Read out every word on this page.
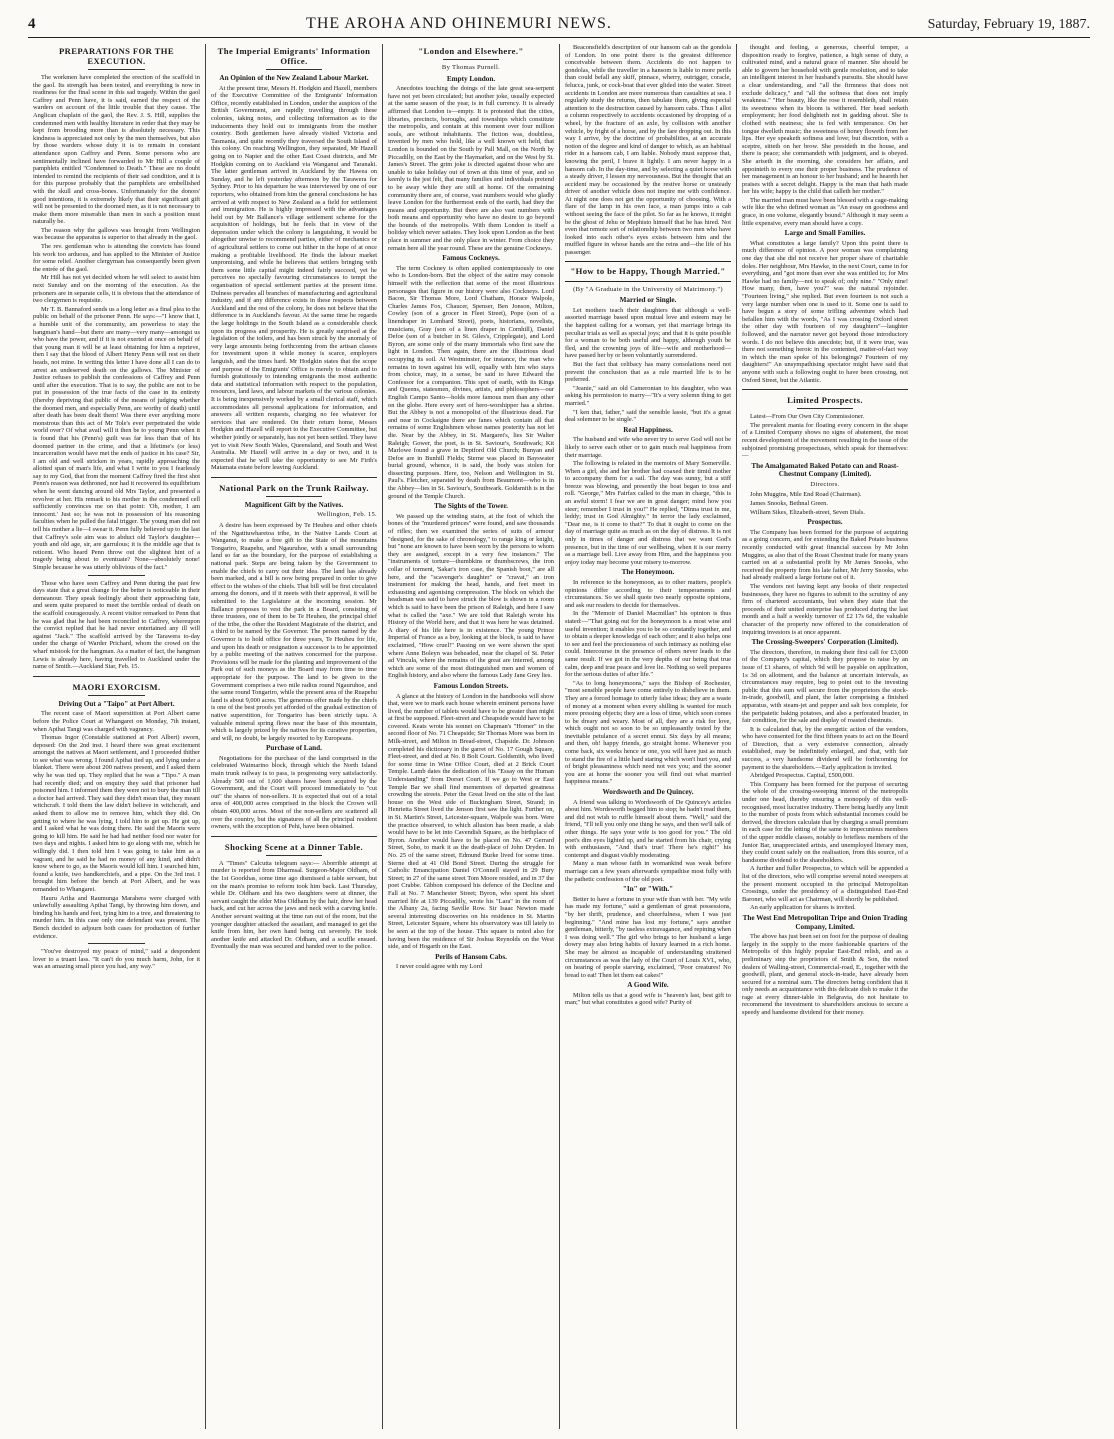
4	THE AROHA AND OHINEMURI NEWS.	Saturday, February 19, 1887.
PREPARATIONS FOR THE EXECUTION.

The workmen have completed the erection of the scaffold in the gaol. Its strength has been tested, and everything is now in readiness for the final scene in this sad tragedy. Within the gaol Caffrey and Penn have, it is said, earned the respect of the warders on account of the little trouble that they cause. The Anglican chaplain of the gaol, the Rev. J. S. Hill, supplies the condemned men with healthy literature in order that they may be kept from brooding more than is absolutely necessary. This kindness is appreciated not only by the men themselves, but also by those warders whose duty it is to remain in constant attendance upon Caffrey and Penn. Some persons who are sentimentally inclined have forwarded to Mr Hill a couple of pamphlets entitled "Condemned to Death." These are no doubt intended to remind the recipients of their sad condition, and it is for this purpose probably that the pamphlets are embellished with the skull and cross-bones. Unfortunately for the donors' good intentions, it is extremely likely that their significant gift will not be presented to the doomed men, as it is not necessary to make them more miserable than men in such a position must naturally be.

The reason why the gallows was brought from Wellington was because the apparatus is superior to that already in the gaol.

The rev. gentleman who is attending the convicts has found his work too arduous, and has applied to the Minister of Justice for some relief. Another clergyman has consequently been given the entrée of the gaol.

Mr Hill has not yet decided whom he will select to assist him next Sunday and on the morning of the execution. As the prisoners are in separate cells, it is obvious that the attendance of two clergymen is requisite.

Mr T. B. Bannaford sends us a long letter as a final plea to the public on behalf of the prisoner Penn. He says:—"I know that I, a humble unit of the community, am powerless to stay the hangman's hand—but there are many—very many—amongst us who have the power, and if it is not exerted at once on behalf of that young man it will be at least obtaining for him a reprieve, then I say that the blood of Albert Henry Penn will rest on their heads, not mine. In writing this letter I have done all I can do to arrest an undeserved death on the gallows. The Minister of Justice refuses to publish the confessions of Caffrey and Penn until after the execution. That is to say, the public are not to be put in possession of the true facts of the case in its entirety (thereby depriving that public of the means of judging whether the doomed men, and especially Penn, are worthy of death) until after death has been dealt them! Was there ever anything more monstrous than this act of Mr Tole's ever perpetrated the wide world over? Of what avail will it then be to young Penn when it is found that his (Penn's) guilt was far less than that of his doomed partner in the crime, and that a lifetime's (or less) incarceration would have met the ends of justice in his case? Sir, I am old and well stricken in years, rapidly approaching the allotted span of man's life, and what I write to you I fearlessly say to my God, that from the moment Caffrey fired the first shot Penn's reason was dethroned, nor had it recovered its equilibrium when he went dancing around old Mrs Taylor, and presented a revolver at her. His remark to his mother in the condemned cell sufficiently convinces me on that point: 'Oh, mother, I am innocent.' Just so; he was not in possession of his reasoning faculties when he pulled the fatal trigger. The young man did not tell his mother a lie—I swear it. Penn fully believed up to the last that Caffrey's sole aim was to abduct old Taylor's daughter—youth and old age, sir, are garrulous; it is the middle age that is reticent. Who heard Penn throw out the slightest hint of a tragedy being about to eventuate? None—absolutely none! Simple because he was utterly oblivious of the fact."

Those who have seen Caffrey and Penn during the past few days state that a great change for the better is noticeable in their demeanour. They speak feelingly about their approaching fate, and seem quite prepared to meet the terrible ordeal of death on the scaffold courageously. A recent visitor remarked to Penn that he was glad that he had been reconciled to Caffrey, whereupon the convict replied that he had never entertained any ill will against "Jack." The scaffold arrived by the Tarawera to-day under the charge of Warder Prichard, whom the crowd on the wharf mistook for the hangman. As a matter of fact, the hangman Lewis is already here, having travelled to Auckland under the name of Smith.—Auckland Star, Feb. 15.

MAORI EXORCISM.
Driving Out a "Taipo" at Port Albert.

The recent case of Maori superstition at Port Albert came before the Police Court at Whangarei on Monday, 7th instant, when Apihai Tangi was charged with vagrancy.

Thomas Ingor (Constable stationed at Port Albert) sworn, deposed: On the 2nd inst. I heard there was great excitement amongst the natives at Maori settlement, and I proceeded thither to see what was wrong. I found Apihai tied up, and lying under a blanket. There were about 200 natives present, and I asked them why he was tied up. They replied that he was a "Tipo." A man had recently died; and on enquiry they said that prisoner had poisoned him. I informed them they were not to bury the man till a doctor had arrived. They said they didn't mean that, they meant witchcraft. I told them the law didn't believe in witchcraft, and asked them to allow me to remove him, which they did. On getting to where he was lying, I told him to get up. He got up, and I asked what he was doing there. He said the Maoris were going to kill him. He said he had had neither food nor water for two days and nights. I asked him to go along with me, which he willingly did. I then told him I was going to take him as a vagrant, and he said he had no money of any kind, and didn't know where to go, as the Maoris would kill him. I searched him, found a knife, two handkerchiefs, and a pipe. On the 3rd inst. I brought him before the bench at Port Albert, and he was remanded to Whangarei.

Hauru Ariha and Raumunga Marahera were charged with unlawfully assaulting Apihai Tangi, by throwing him down, and binding his hands and feet, tying him to a tree, and threatening to murder him. In this case only one defendant was present. The Bench decided to adjourn both cases for production of further evidence.

"You've destroyed my peace of mind," said a despondent lover to a truant lass. "It can't do you much harm, John, for it was an amazing small piece you had, any way."

The Imperial Emigrants' Information Office.
An Opinion of the New Zealand Labour Market.

At the present time, Messrs H. Hodgkin and Hazell, members of the Executive Committee of the Emigrants' Information Office, recently established in London, under the auspices of the British Government, are rapidly travelling through these colonies, taking notes, and collecting information as to the inducements they hold out to immigrants from the mother country. Both gentlemen have already visited Victoria and Tasmania, and quite recently they traversed the South Island of this colony. On reaching Wellington, they separated, Mr Hazell going on to Napier and the other East Coast districts, and Mr Hodgkin coming on to Auckland via Wanganui and Taranaki. The latter gentleman arrived in Auckland by the Hawea on Sunday, and he left yesterday afternoon by the Tarawera for Sydney. Prior to his departure he was interviewed by one of our reporters, who obtained from him the general conclusions he has arrived at with respect to New Zealand as a field for settlement and immigration. He is highly impressed with the advantages held out by Mr Ballance's village settlement scheme for the acquisition of holdings, but he feels that in view of the depression under which the colony is languishing, it would be altogether unwise to recommend parties, either of mechanics or of agricultural settlers to come out hither in the hope of at once making a profitable livelihood. He finds the labour market unpromising, and while he believes that settlers bringing with them some little capital might indeed fairly succeed, yet he perceives no specially favouring circumstances to tempt the organisation of special settlement parties at the present time. Dulness pervades all branches of manufacturing and agricultural industry, and if any difference exists in these respects between Auckland and the rest of the colony, he does not believe that the difference is in Auckland's favour. At the same time he regards the large holdings in the South Island as a considerable check upon its progress and prosperity. He is greatly surprised at the legislation of the toilers, and has been struck by the anomaly of very large amounts being forthcoming from the artisan classes for investment upon it while money is scarce, employers languish, and the times hard. Mr Hodgkin states that the scope and purpose of the Emigrants' Office is merely to obtain and to furnish gratuitously to intending emigrants the most authentic data and statistical information with respect to the population, resources, land laws, and labour markets of the various colonies. It is being inexpensively worked by a small clerical staff, which accommodates all personal applications for information, and answers all written requests, charging no fee whatever for services that are rendered. On their return home, Messrs Hodgkin and Hazell will report to the Executive Committee, but whether jointly or separately, has not yet been settled. They have yet to visit New South Wales, Queensland, and South and West Australia. Mr Hazell will arrive in a day or two, and it is expected that he will take the opportunity to see Mr Firth's Matamata estate before leaving Auckland.

National Park on the Trunk Railway.
Magnificent Gift by the Natives.
Wellington, Feb. 15.

A desire has been expressed by Te Heuheu and other chiefs of the Ngatituwharetoa tribe, in the Native Lands Court at Wanganui, to make a free gift to the State of the mountains Tongariro, Ruapehu, and Ngauruhoe, with a small surrounding land so far as the boundary, for the purpose of establishing a national park. Steps are being taken by the Government to enable the chiefs to carry out their idea. The land has already been marked, and a bill is now being prepared in order to give effect to the wishes of the chiefs. That bill will be first circulated among the donors, and if it meets with their approval, it will be submitted to the Legislature at the incoming session. Mr Ballance proposes to vest the park in a Board, consisting of three trustees, one of them to be Te Heuheu, the principal chief of the tribe, the other the Resident Magistrate of the district, and a third to be named by the Governor. The person named by the Governor is to hold office for three years, Te Heuheu for life, and upon his death or resignation a successor is to be appointed by a public meeting of the natives concerned for the purpose. Provisions will be made for the planting and improvement of the Park out of such moneys as the Board may from time to time appropriate for the purpose. The land to be given to the Government comprises a two mile radius round Ngauruhoe, and the same round Tongariro, while the present area of the Ruapehu land is about 9,000 acres. The generous offer made by the chiefs is one of the best proofs yet afforded of the gradual extinction of native superstition, for Tongariro has been strictly tapu. A valuable mineral spring flows near the base of this mountain, which is largely prized by the natives for its curative properties, and will, no doubt, be largely resorted to by Europeans.

Purchase of Land.

Negotiations for the purchase of the land comprised in the celebrated Waimarino block, through which the North Island main trunk railway is to pass, is progressing very satisfactorily. Already 500 out of 1,600 shares have been acquired by the Government, and the Court will proceed immediately to "cut out" the shares of non-sellers. It is expected that out of a total area of 400,000 acres comprised in the block the Crown will obtain 400,000 acres. Most of the non-sellers are scattered all over the country, but the signatures of all the principal resident owners, with the exception of Pehi, have been obtained.

Shocking Scene at a Dinner Table.

A "Times" Calcutta telegram says:— Aborrible attempt at murder is reported from Dharmsal. Surgeon-Major Oldham, of the 1st Goorkhas, some time ago dismissed a table servant, but on the man's promise to reform took him back. Last Thursday, while Dr. Oldham and his two daughters were at dinner, the servant caught the elder Miss Oldham by the hair, drew her head back, and cut her across the jaws and neck with a carving knife. Another servant waiting at the time ran out of the room, but the younger daughter attacked the assailant, and managed to get the knife from him, her own hand being cut severely. He took another knife and attacked Dr. Oldham, and a scuffle ensued. Eventually the man was secured and handed over to the police.

"London and Elsewhere."
By Thomas Purnell.
Empty London.

Anecdotes touching the doings of the late great sea-serpent have not yet been circulated; but another joke, usually expected at the same season of the year, is in full currency. It is already affirmed that London is—empty. It is protested that the cities, libraries, precincts, boroughs, and townships which constitute the metropolis, and contain at this moment over four million souls, are without inhabitants. The fiction was, doubtless, invented by men who hold, like a well known wit held, that London is bounded on the South by Pall Mall, on the North by Piccadilly, on the East by the Haymarket, and on the West by St. James's Street. The grim joke is directed against those who are unable to take holiday out of town at this time of year, and so keenly is the jest felt, that many families and individuals pretend to be away while they are still at home. Of the remaining community there are, of course, vast numbers would who gladly leave London for the furthermost ends of the earth, had they the means and opportunity. But there are also vast numbers with both means and opportunity who have no desire to go beyond the bounds of the metropolis. With them London is itself a holiday which never satiates. They look upon London as the best place in summer and the only place in winter. From choice they remain here all the year round. These are the genuine Cockneys.

Famous Cockneys.

The term Cockney is often applied contemptuously to one who is London-born. But the object of the satire may console himself with the reflection that some of the most illustrious personages that figure in our history were also Cockneys. Lord Bacon, Sir Thomas More, Lord Chatham, Horace Walpole, Charles James Fox, Chaucer, Spenser, Ben Jonson, Milton, Cowley (son of a grocer in Fleet Street), Pope (son of a linendraper in Lombard Street), poets, historians, novelists, musicians, Gray (son of a linen draper in Cornhill), Daniel Defoe (son of a butcher in St. Giles's, Cripplegate), and Lord Byron, are some only of the many immortals who first saw the light in London. Then again, there are the illustrious dead occupying its soil. At Westminster, for instance, the man who remains in town against his will, equally with him who stays from choice, may, in a sense, be said to have Edward the Confessor for a companion. This spot of earth, with its Kings and Queens, statesmen, divines, artists, and philosophers—our English Campo Santo—holds more famous men than any other on the globe. Here every sort of hero-worshipper has a shrine. But the Abbey is not a monopolist of the illustrious dead. Far and near in Cockaigne there are fanes which contain all that remains of some Englishmen whose names posterity has not let die. Near by the Abbey, in St. Margaret's, lies Sir Walter Raleigh; Gower, the poet, is in St. Saviour's, Southwark; Kit Marlowe found a grave in Deptford Old Church; Bunyan and Defoe are in Bunhill Fields; Sterne was placed in Bayswater burial ground, whence, it is said, the body was stolen for dissecting purposes. Here, too, Nelson and Wellington in St. Paul's. Fletcher, separated by death from Beaumont—who is in the Abbey—lies in St. Saviour's, Southwark. Goldsmith is in the ground of the Temple Church.

The Sights of the Tower.

We passed up the winding stairs, at the foot of which the bones of the "murdered princes" were found, and saw thousands of rifles; then we examined the series of suits of armour "designed, for the sake of chronology," to range king or knight, but "none are known to have been worn by the persons to whom they are assigned, except in a very few instances." The "instruments of torture—thumbkins or thumbscrews, the iron collar of torment, 'Sakar's iron case, the Spanish boot," are all here, and the "scavenger's daughter" or "cravat," an iron instrument for making the head, hands, and feet meet in exhausting and agonising compression. The block on which the headsman was said to have struck the blow is shown in a room which is said to have been the prison of Raleigh, and here I saw what is called the "axe." We are told that Raleigh wrote his History of the World here, and that it was here he was detained. A diary of his life here is in existence. The young Prince Imperial of France as a boy, looking at the block, is said to have exclaimed, "How cruel!" Passing on we were shown the spot where Anne Boleyn was beheaded, near the chapel of St. Peter ad Vincula, where the remains of the great are interred, among which are some of the most distinguished men and women of English history, and also where the famous Lady Jane Grey lies.

Famous London Streets.

A glance at the history of London in the handbooks will show that, were we to mark each house wherein eminent persons have lived, the number of tablets would have to be greater than might at first be supposed. Fleet-street and Cheapside would have to be covered. Keats wrote his sonnet on Chapman's "Homer" in the second floor of No. 71 Cheapside; Sir Thomas More was born in Milk-street, and Milton in Bread-street, Chapside. Dr. Johnson completed his dictionary in the garret of No. 17 Gough Square, Fleet-street, and died at No. 8 Bolt Court. Goldsmith, who lived for some time in Wine Office Court, died at 2 Brick Court Temple. Lamb dates the dedication of his "Essay on the Human Understanding" from Dorset Court. If we go to West or East Temple Bar we shall find mementoes of departed greatness crowding the streets. Peter the Great lived on the site of the last house on the West side of Buckingham Street, Strand; in Henrietta Street lived the Jenson first saw the light. Further on, in St. Martin's Street, Leicester-square, Walpole was born. Were the practice observed, to which allusion has been made, a slab would have to be let into Cavendish Square, as the birthplace of Byron. Another would have to be placed on No. 47 Gerrard Street, Soho, to mark it as the death-place of John Dryden. In No. 25 of the same street, Edmund Burke lived for some time. Sterne died at 41 Old Bond Street. During the struggle for Catholic Emancipation Daniel O'Connell stayed in 29 Bury Street; in 27 of the same street Tom Moore resided, and in 37 the poet Crabbe. Gibbon composed his defence of the Decline and Fall at No. 7 Manchester Street; Byron, who spent his short married life at 139 Piccadilly, wrote his "Lara" in the room of the Albany 2a, facing Saville Row. Sir Isaac Newton made several interesting discoveries on his residence in St. Martin Street, Leicester Square, where his observatory was till lately to be seen at the top of the house. This square is noted also for having been the residence of Sir Joshua Reynolds on the West side, and of Hogarth on the East.

Perils of Hansom Cabs.

I never could agree with my Lord

Beaconsfield's description of our hansom cab as the gondola of London. In one point there is the greatest difference conceivable between them. Accidents do not happen to gondolas, while the traveller in a hansom is liable to more perils than could befall any skiff, pinnace, wherry, outrigger, coracle, felucca, junk, or cock-boat that ever glided into the water. Street accidents in London are more numerous than casualties at sea. I regularly study the returns, then tabulate them, giving especial attention to the destruction caused by hansom cabs. Thus I allot a column respectively to accidents occasioned by dropping of a wheel, by the fracture of an axle, by collision with another vehicle, by fright of a horse, and by the fare dropping out. In this way I arrive, by the doctrine of probabilities, at an accurate notion of the degree and kind of danger to which, as an habitual rider in a hansom cab, I am liable. Nobody must suppose that, knowing the peril, I brave it lightly. I am never happy in a hansom cab. In the day-time, and by selecting a quiet horse with a steady driver, I lessen my nervousness. But the thought that an accident may be occasioned by the restive horse or unsteady driver of another vehicle does not inspire me with confidence. At night one does not get the opportunity of choosing. With a flare of the lamp in his own face, a man jumps into a cab without seeing the face of the pilot. So far as he knows, it might be the ghost of Jehu or Mephisto himself that he has hired. Not even that remote sort of relationship between two men who have looked into each other's eyes exists between him and the muffled figure in whose hands are the reins and—the life of his passenger.

"How to be Happy, Though Married."
(By "A Graduate in the University of Matrimony.")
Married or Single.

Let mothers teach their daughters that although a well-assorted marriage based upon mutual love and esteem may be the happiest calling for a woman, yet that marriage brings its peculiar trials as well as special joys; and that it is quite possible for a woman to be both useful and happy, although youth be fled, and the crowning joys of life—wife and motherhood—have passed her by or been voluntarily surrendered.

But the fact that celibacy has many consolations need not prevent the conclusion that as a rule married life is to be preferred.

"Jeanie," said an old Cameronian to his daughter, who was asking his permission to marry—"It's a very solemn thing to get married."

"I ken that, father," said the sensible lassie, "but it's a great deal solemner to be single."

Real Happiness.

The husband and wife who never try to serve God will not be likely to serve each other or to gain much real happiness from their marriage.

The following is related in the memoirs of Mary Somerville. When a girl, she and her brother had coaxed their timid mother to accompany them for a sail. The day was sunny, but a stiff breeze was blowing, and presently the boat began to toss and roll. "George," Mrs Fairfax called to the man in charge, "this is an awful storm! I fear we are in great danger; mind how you steer; remember I trust in you!" He replied, "Dinna trust in me, leddy; trust in God Almighty." In terror the lady exclaimed, "Dear me, is it come to that?" To that it ought to come on the day of marriage quite as much as on the day of distress. It is not only in times of danger and distress that we want God's presence, but in the time of our wellbeing, when it is our merry as a marriage bell. Live away from Him, and the happiness you enjoy today may become your misery to-morrow.

The Honeymoon.

In reference to the honeymoon, as to other matters, people's opinions differ according to their temperaments and circumstances. So we shall quote two nearly opposite opinions, and ask our readers to decide for themselves.

In the "Memoir of Daniel Macmillan" his opinion is thus stated:—"That going out for the honeymoon is a most wise and useful invention; it enables you to be so constantly together, and to obtain a deeper knowledge of each other; and it also helps one to see and feel the preciousness of such intimacy as nothing else could. Intercourse in the presence of others never leads to the same result. If we got in the very depths of our being that true calm, deep and true peace and love lie. Nothing so well prepares for the serious duties of after life."

"As to long honeymoons," says the Bishop of Rochester, "most sensible people have come entirely to disbelieve in them. They are a forced homage to utterly false ideas; they are a waste of money at a moment when every shilling is wanted for much more pressing objects; they are a loss of time, which soon comes to be dreary and weary. Most of all, they are a risk for love, which ought not so soon to be so unpleasantly tested by the inevitable petulance of a secret ennui. Six days by all means; and then, oh! happy friends, go straight home. Whenever you come back, six weeks hence or one, you will have just as much to stand the fire of a little hard staring which won't hurt you, and of bright pleasantness which need not vex you; and the sooner you are at home the sooner you will find out what married happiness means."

Wordsworth and De Quincey.

A friend was talking to Wordsworth of De Quincey's articles about him. Wordsworth begged him to stop; he hadn't read them, and did not wish to ruffle himself about them. "Well," said the friend, "I'll tell you only one thing he says, and then we'll talk of other things. He says your wife is too good for you." The old poet's dim eyes lighted up, and he started from his chair, crying with enthusiasm, "And that's true! There he's right!" his contempt and disgust visibly moderating.

Many a man whose faith in womankind was weak before marriage can a few years afterwards sympathise most fully with the pathetic confession of the old poet.

"In" or "With."

Better to have a fortune in your wife than with her. "My wife has made my fortune," said a gentleman of great possessions, "by her thrift, prudence, and cheerfulness, when I was just beginning." "And mine has lost my fortune," says another gentleman, bitterly, "by useless extravagance, and repining when I was doing well." The girl who brings to her husband a large dowry may also bring habits of luxury learned in a rich home. She may be almost as incapable of understanding straitened circumstances as was the lady of the Court of Louis XVI., who, on hearing of people starving, exclaimed, "Poor creatures! No bread to eat! Then let them eat cakes!"

A Good Wife.

Milton tells us that a good wife is "heaven's last, best gift to man;" but what constitutes a good wife? Purity of

thought and feeling, a generous, cheerful temper, a disposition ready to forgive, patience, a high sense of duty, a cultivated mind, and a natural grace of manner. She should be able to govern her household with gentle resolution, and to take an intelligent interest in her husband's pursuits. She should have a clear understanding, and "all the firmness that does not exclude delicacy," and "all the softness that does not imply weakness." "Her beauty, like the rose it resembleth, shall retain its sweetness when its bloom is withered. Her head seeketh employment; her food delighteth not in gadding about. She is clothed with neatness; she is fed with temperance. On her tongue dwelleth music; the sweetness of honey floweth from her lips. Her eye speaketh softness and love; but discretion, with a sceptre, sitteth on her brow. She presideth in the house, and there is peace; she commandeth with judgment, and is obeyed. She ariseth in the morning, she considers her affairs, and appointeth to every one their proper business. The prudence of her management is an honour to her husband; and he heareth her praises with a secret delight. Happy is the man that hath made her his wife; happy is the child that calleth her mother."

The married man must have been blessed with a cage-making wife like the who defined woman as "An essay on goodness and grace, in one volume, elegantly bound." Although it may seem a little expensive, every man should have a copy.

Large and Small Families.

What constitutes a large family? Upon this point there is much difference of opinion. A poor woman was complaining one day that she did not receive her proper share of charitable doles. Her neighbour, Mrs Hawke, in the next Court, came in for everything, and "got more than ever she was entitled to; for Mrs Hawke had no family—not to speak of; only nine." "Only nine! How many, then, have you?" was the natural rejoinder. "Fourteen living," she replied. But even fourteen is not such a very large number when one is used to it. Some one is said to have begun a story of some trifling adventure which had befallen him with the words, "As I was crossing Oxford street the other day with fourteen of my daughters"—laughter followed, and the narrator never got beyond those introductory words. I do not believe this anecdote; but, if it were true, was there not something heroic in the contented, matter-of-fact way in which the man spoke of his belongings? Fourteen of my daughters!" An unsympathising spectator might have said that anyone with such a following ought to have been crossing, not Oxford Street, but the Atlantic.

Limited Prospects.

Latest—From Our Own City Commissioner.

The prevalent mania for floating every concern in the shape of a Limited Company shows no signs of abatement, the most recent development of the movement resulting in the issue of the subjoined promising prospectuses, which speak for themselves:—

The Amalgamated Baked Potato can and Roast-Chestnut Company (Limited).
Directors.

John Muggins, Mile End Road (Chairman).

James Snooks, Bethnal Green.

William Sikes, Elizabeth-street, Seven Dials.

Prospectus.

The Company has been formed for the purpose of acquiring as a going concern, and for extending the Baked Potato business recently conducted with great financial success by Mr John Muggins, as also that of the Roast Chestnut trade for many years carried on at a substantial profit by Mr James Snooks, who received the property from his late father, Mr Jerry Snooks, who had already realised a large fortune out of it.

The vendors not having kept any books of their respected businesses, they have no figures to submit to the scrutiny of any firm of chartered accountants, but when they state that the proceeds of their united enterprise has produced during the last month and a half a weekly turnover of £2 17s 6d, the valuable character of the property now offered to the consideration of inquiring investors is at once apparent.

The Crossing-Sweepers' Corporation (Limited).

The directors, therefore, in making their first call for £3,000 of the Company's capital, which they propose to raise by an issue of £1 shares, of which 9d will be payable on application, 1s 3d on allotment, and the balance at uncertain intervals, as circumstances may require, beg to point out to the investing public that this sum will secure from the proprietors the stock-in-trade, goodwill, and plant, the latter comprising a finished apparatus, with steam-jet and pepper and salt box complete, for the peripatetic baking potatoes, and also a perforated brazier, in fair condition, for the sale and display of roasted chestnuts.

It is calculated that, by the energetic action of the vendors, who have consented for the first fifteen years to act on the Board of Direction, that a very extensive connection, already established, may be indefinitely enlarged, and that, with fair success, a very handsome dividend will be forthcoming for payment to the shareholders.—Early application is invited.

Abridged Prospectus. Capital, £500,000.

This Company has been formed for the purpose of securing the whole of the crossing-sweeping interest of the metropolis under one head, thereby ensuring a monopoly of this well-recognised, most lucrative industry. There being hardly any limit to the number of posts from which substantial incomes could be derived, the directors calculate that by charging a small premium in each case for the letting of the same to impecunious members of the upper middle classes, notably to briefless members of the Junior Bar, unappreciated artists, and unemployed literary men, they could count safely on the realisation, from this source, of a handsome dividend to the shareholders.

A further and fuller Prospectus, to which will be appended a list of the directors, who will comprise several noted sweepers at the present moment occupied in the principal Metropolitan Crossings, under the presidency of a distinguished East-End Baronet, who will act as Chairman, will shortly be published.

An early application for shares is invited.

The West End Metropolitan Tripe and Onion Trading Company, Limited.

The above has just been set on foot for the purpose of dealing largely in the supply to the more fashionable quarters of the Metropolis of this highly popular East-End relish, and as a preliminary step the proprietors of Smith & Son, the noted dealers of Walling-street, Commercial-road, E., together with the goodwill, plant, and general stock-in-trade, have already been secured for a nominal sum. The directors being confident that it only needs an acquaintance with this delicate dish to make it the rage at every dinner-table in Belgravia, do not hesitate to recommend the investment to shareholders anxious to secure a speedy and handsome dividend for their money.
